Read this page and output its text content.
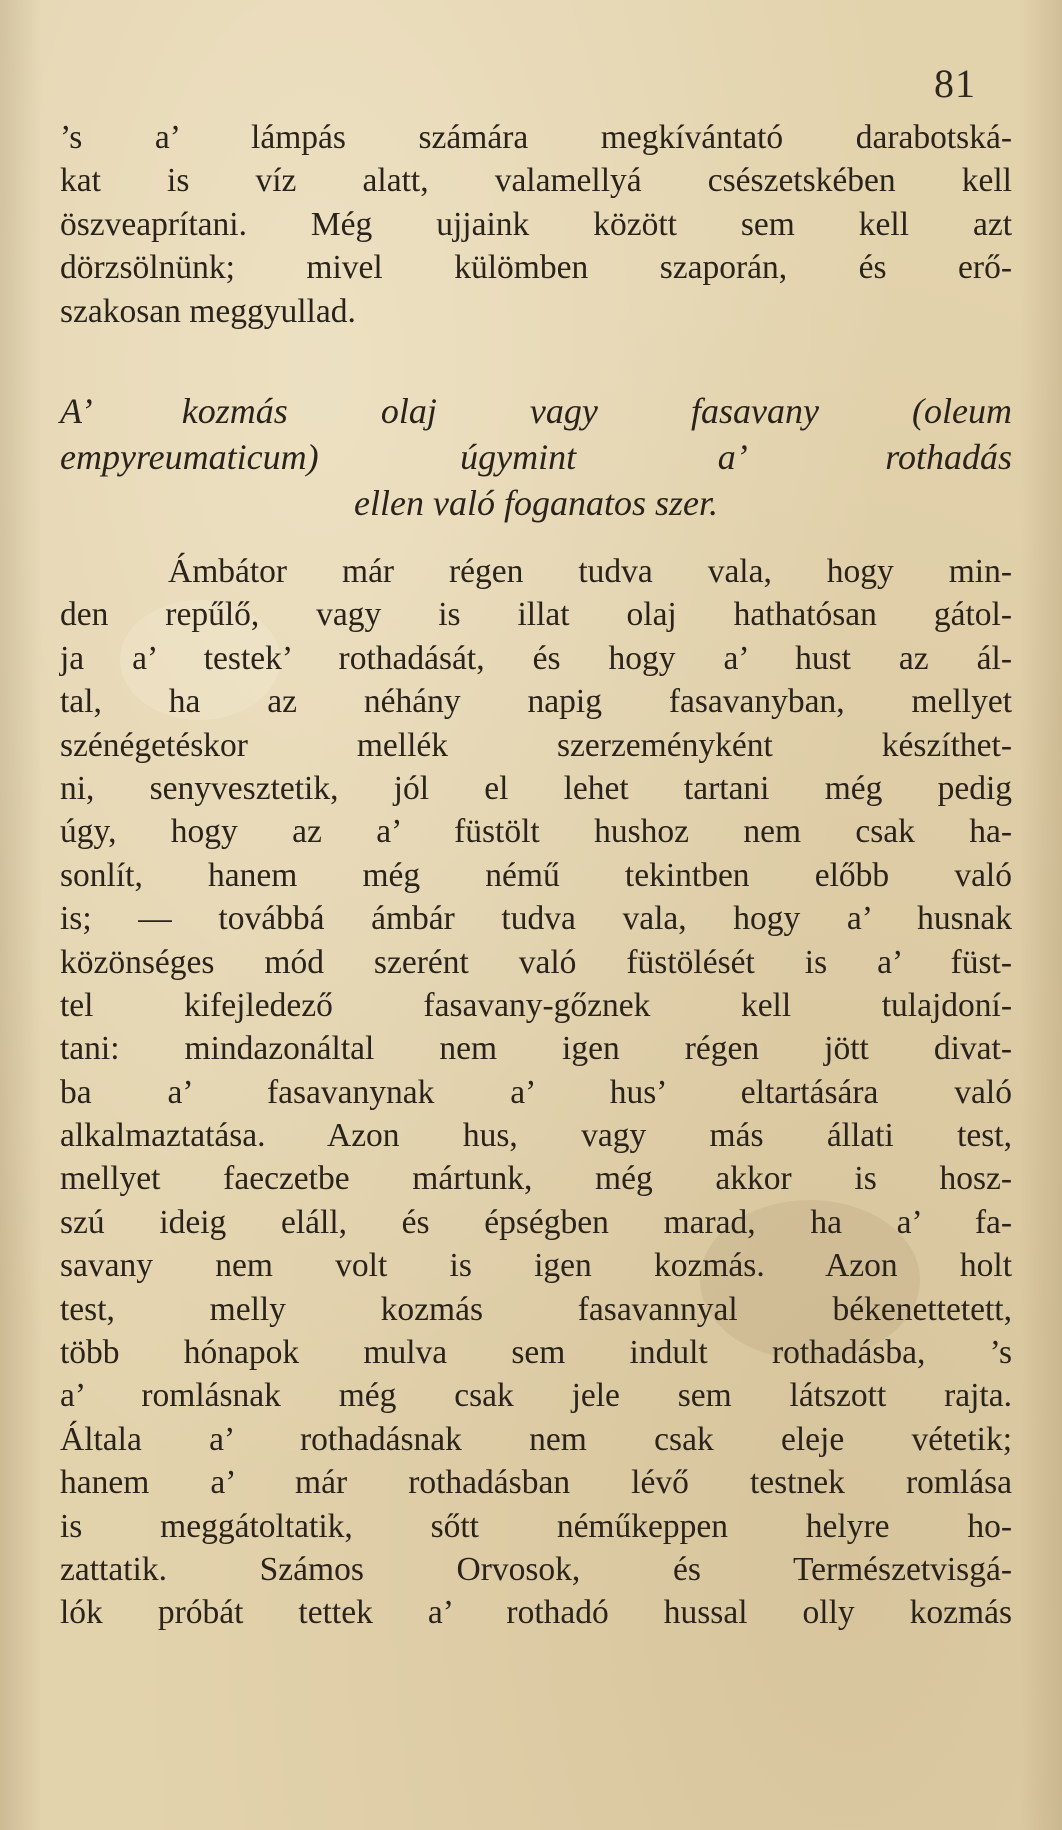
81
’s a’ lámpás számára megkívántató darabotská-
kat is víz alatt, valamellyá csészetskében kell
öszveaprítani. Még ujjaink között sem kell azt
dörzsölnünk; mivel külömben szaporán, és erő-
szakosan meggyullad.
A’ kozmás olaj vagy fasavany (oleum
empyreumaticum) úgymint a’ rothadás
ellen való foganatos szer.
Ámbátor már régen tudva vala, hogy min-
den repűlő, vagy is illat olaj hathatósan gátol-
ja a’ testek’ rothadását, és hogy a’ hust az ál-
tal, ha az néhány napig fasavanyban, mellyet
szénégetéskor mellék szerzeményként készíthet-
ni, senyvesztetik, jól el lehet tartani még pedig
úgy, hogy az a’ füstölt hushoz nem csak ha-
sonlít, hanem még némű tekintben előbb való
is; — továbbá ámbár tudva vala, hogy a’ husnak
közönséges mód szerént való füstölését is a’ füst-
tel kifejledező fasavany-gőznek kell tulajdoní-
tani: mindazonáltal nem igen régen jött divat-
ba a’ fasavanynak a’ hus’ eltartására való
alkalmaztatása. Azon hus, vagy más állati test,
mellyet faeczetbe mártunk, még akkor is hosz-
szú ideig eláll, és épségben marad, ha a’ fa-
savany nem volt is igen kozmás. Azon holt
test, melly kozmás fasavannyal békenettetett,
több hónapok mulva sem indult rothadásba, ’s
a’ romlásnak még csak jele sem látszott rajta.
Általa a’ rothadásnak nem csak eleje vétetik;
hanem a’ már rothadásban lévő testnek romlása
is meggátoltatik, sőtt néműkeppen helyre ho-
zattatik. Számos Orvosok, és Természetvisgá-
lók próbát tettek a’ rothadó hussal olly kozmás
